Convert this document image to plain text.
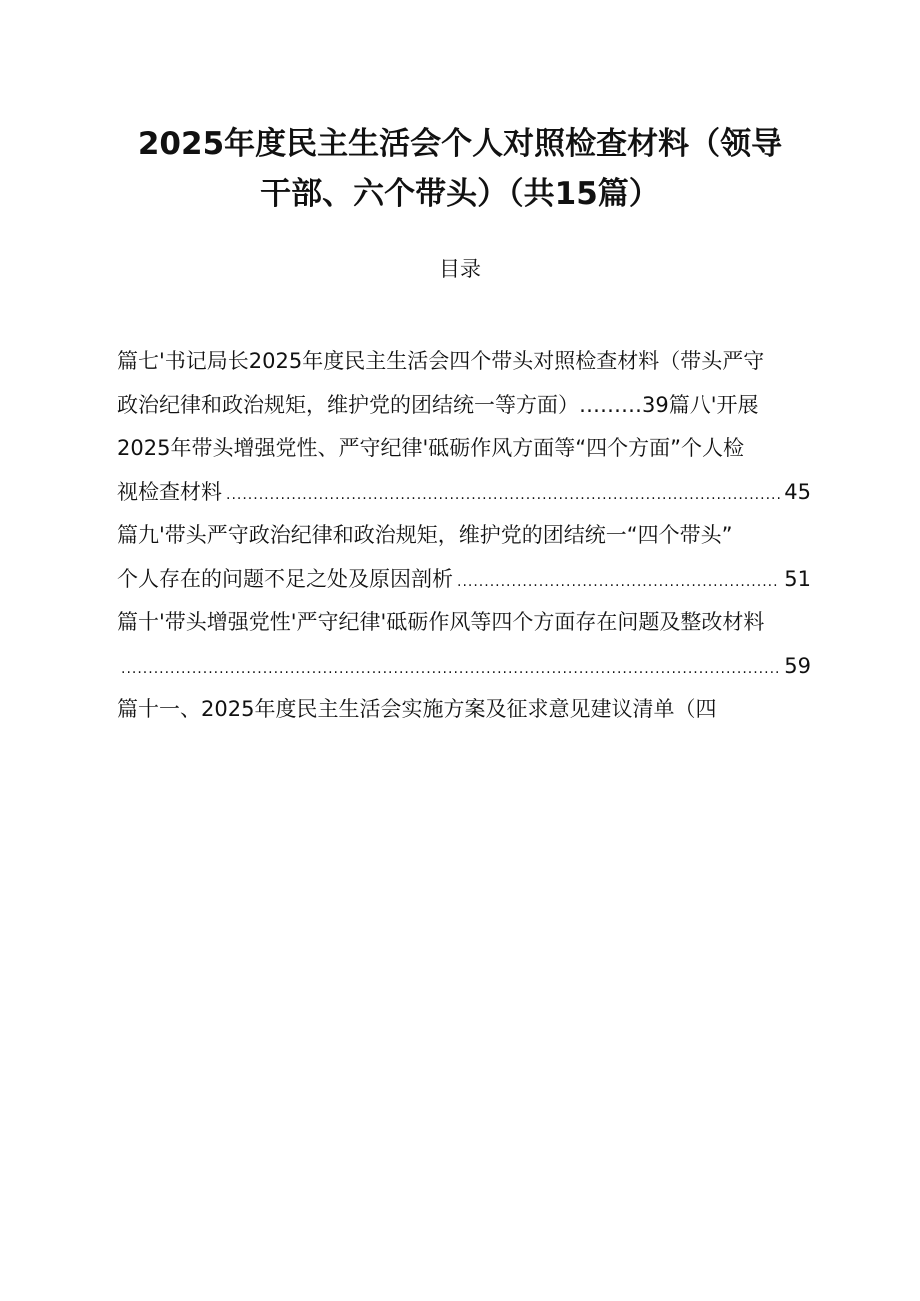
2025年度民主生活会个人对照检查材料（领导
干部、六个带头）（共15篇）
目录
篇七'书记局长2025年度民主生活会四个带头对照检查材料（带头严守
政治纪律和政治规矩，维护党的团结统一等方面）………39篇八'开展
2025年带头增强党性、严守纪律'砥砺作风方面等“四个方面”个人检
视检查材料 .....	45
篇九'带头严守政治纪律和政治规矩，维护党的团结统一“四个带头”
个人存在的问题不足之处及原因剖析 .....	51
篇十'带头增强党性'严守纪律'砥砺作风等四个方面存在问题及整改材料
.....
59
篇十一、2025年度民主生活会实施方案及征求意见建议清单（四
